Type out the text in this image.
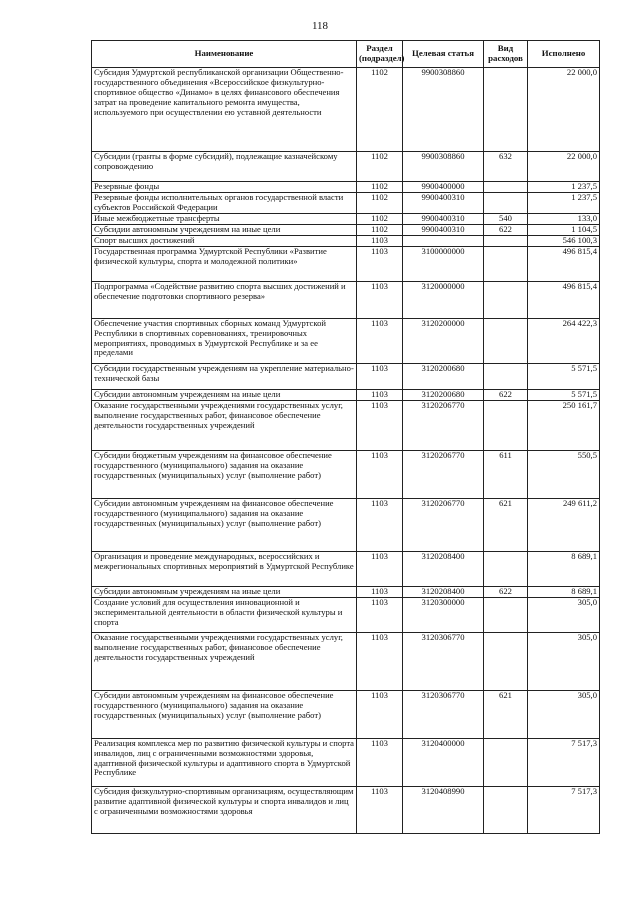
118
Наименование	Раздел (подраздел)	Целевая статья	Вид расходов	Исполнено
Субсидия Удмуртской республиканской организации Общественно-государственного объединения «Всероссийское физкультурно-спортивное общество «Динамо» в целях финансового обеспечения затрат на проведение капитального ремонта имущества, используемого при осуществлении ею уставной деятельности	1102	9900308860		22 000,0
Субсидии (гранты в форме субсидий), подлежащие казначейскому сопровождению	1102	9900308860	632	22 000,0
Резервные фонды	1102	9900400000		1 237,5
Резервные фонды исполнительных органов государственной власти субъектов Российской Федерации	1102	9900400310		1 237,5
Иные межбюджетные трансферты	1102	9900400310	540	133,0
Субсидии автономным учреждениям на иные цели	1102	9900400310	622	1 104,5
Спорт высших достижений	1103			546 100,3
Государственная программа Удмуртской Республики «Развитие физической культуры, спорта и молодежной политики»	1103	3100000000		496 815,4
Подпрограмма «Содействие развитию спорта высших достижений и обеспечение подготовки спортивного резерва»	1103	3120000000		496 815,4
Обеспечение участия спортивных сборных команд Удмуртской Республики в спортивных соревнованиях, тренировочных мероприятиях, проводимых в Удмуртской Республике и за ее пределами	1103	3120200000		264 422,3
Субсидии государственным учреждениям на укрепление материально-технической базы	1103	3120200680		5 571,5
Субсидии автономным учреждениям на иные цели	1103	3120200680	622	5 571,5
Оказание государственными учреждениями государственных услуг, выполнение государственных работ, финансовое обеспечение деятельности государственных учреждений	1103	3120206770		250 161,7
Субсидии бюджетным учреждениям на финансовое обеспечение государственного (муниципального) задания на оказание государственных (муниципальных) услуг (выполнение работ)	1103	3120206770	611	550,5
Субсидии автономным учреждениям на финансовое обеспечение государственного (муниципального) задания на оказание государственных (муниципальных) услуг (выполнение работ)	1103	3120206770	621	249 611,2
Организация и проведение международных, всероссийских и межрегиональных спортивных мероприятий в Удмуртской Республике	1103	3120208400		8 689,1
Субсидии автономным учреждениям на иные цели	1103	3120208400	622	8 689,1
Создание условий для осуществления инновационной и экспериментальной деятельности в области физической культуры и спорта	1103	3120300000		305,0
Оказание государственными учреждениями государственных услуг, выполнение государственных работ, финансовое обеспечение деятельности государственных учреждений	1103	3120306770		305,0
Субсидии автономным учреждениям на финансовое обеспечение государственного (муниципального) задания на оказание государственных (муниципальных) услуг (выполнение работ)	1103	3120306770	621	305,0
Реализация комплекса мер по развитию физической культуры и спорта инвалидов, лиц с ограниченными возможностями здоровья, адаптивной физической культуры и адаптивного спорта в Удмуртской Республике	1103	3120400000		7 517,3
Субсидия физкультурно-спортивным организациям, осуществляющим развитие адаптивной физической культуры и спорта инвалидов и лиц с ограниченными возможностями здоровья	1103	3120408990		7 517,3
